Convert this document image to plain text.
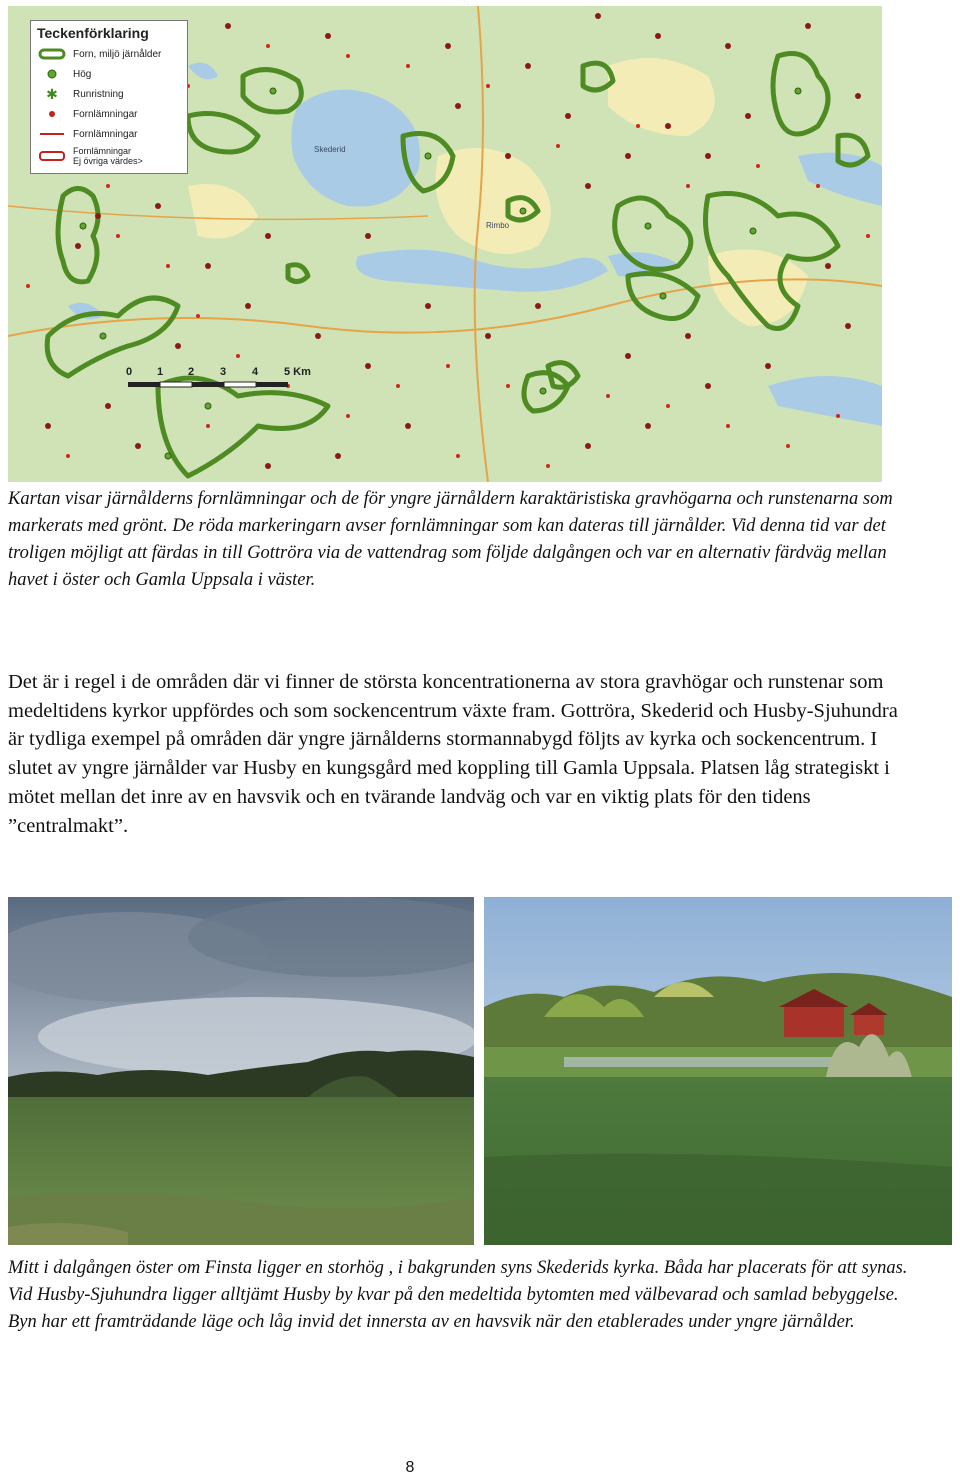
Skederid
Rimbo
Teckenförklaring
Forn​, miljö järnålder
Hög
✱	Runristning
Fornlämningar
Fornlämningar
Fornlämningar
Ej övriga värdes>
0 1 2 3 4 5 Km

Kartan visar järnålderns fornlämningar och de för yngre järnåldern karaktäristiska gravhögarna och runstenarna som markerats med grönt. De röda markeringarn avser fornlämningar som kan dateras till järnålder. Vid denna tid var det troligen möjligt att färdas in till Gottröra via de vattendrag som följde dalgången och var en alternativ färdväg mellan havet i öster och Gamla Uppsala i väster.

Det är i regel i de områden där vi finner de största koncentrationerna av stora gravhögar och runstenar som medeltidens kyrkor uppfördes och som sockencentrum växte fram. Gottröra, Skederid och Husby-Sjuhundra är tydliga exempel på områden där yngre järnålderns stormannabygd följts av kyrka och sockencentrum. I slutet av yngre järnålder var Husby en kungsgård med koppling till Gamla Uppsala. Platsen låg strategiskt i mötet mellan det inre av en havsvik och en tvärande landväg och var en viktig plats för den tidens ”centralmakt”.

Mitt i dalgången öster om Finsta ligger en storhög , i bakgrunden syns Skederids kyrka. Båda har placerats för att synas. Vid Husby-Sjuhundra ligger alltjämt Husby by kvar på den medeltida bytomten med välbevarad och samlad bebyggelse. Byn har ett framträdande läge och låg invid det innersta av en havsvik när den etablerades under yngre järnålder.

8
